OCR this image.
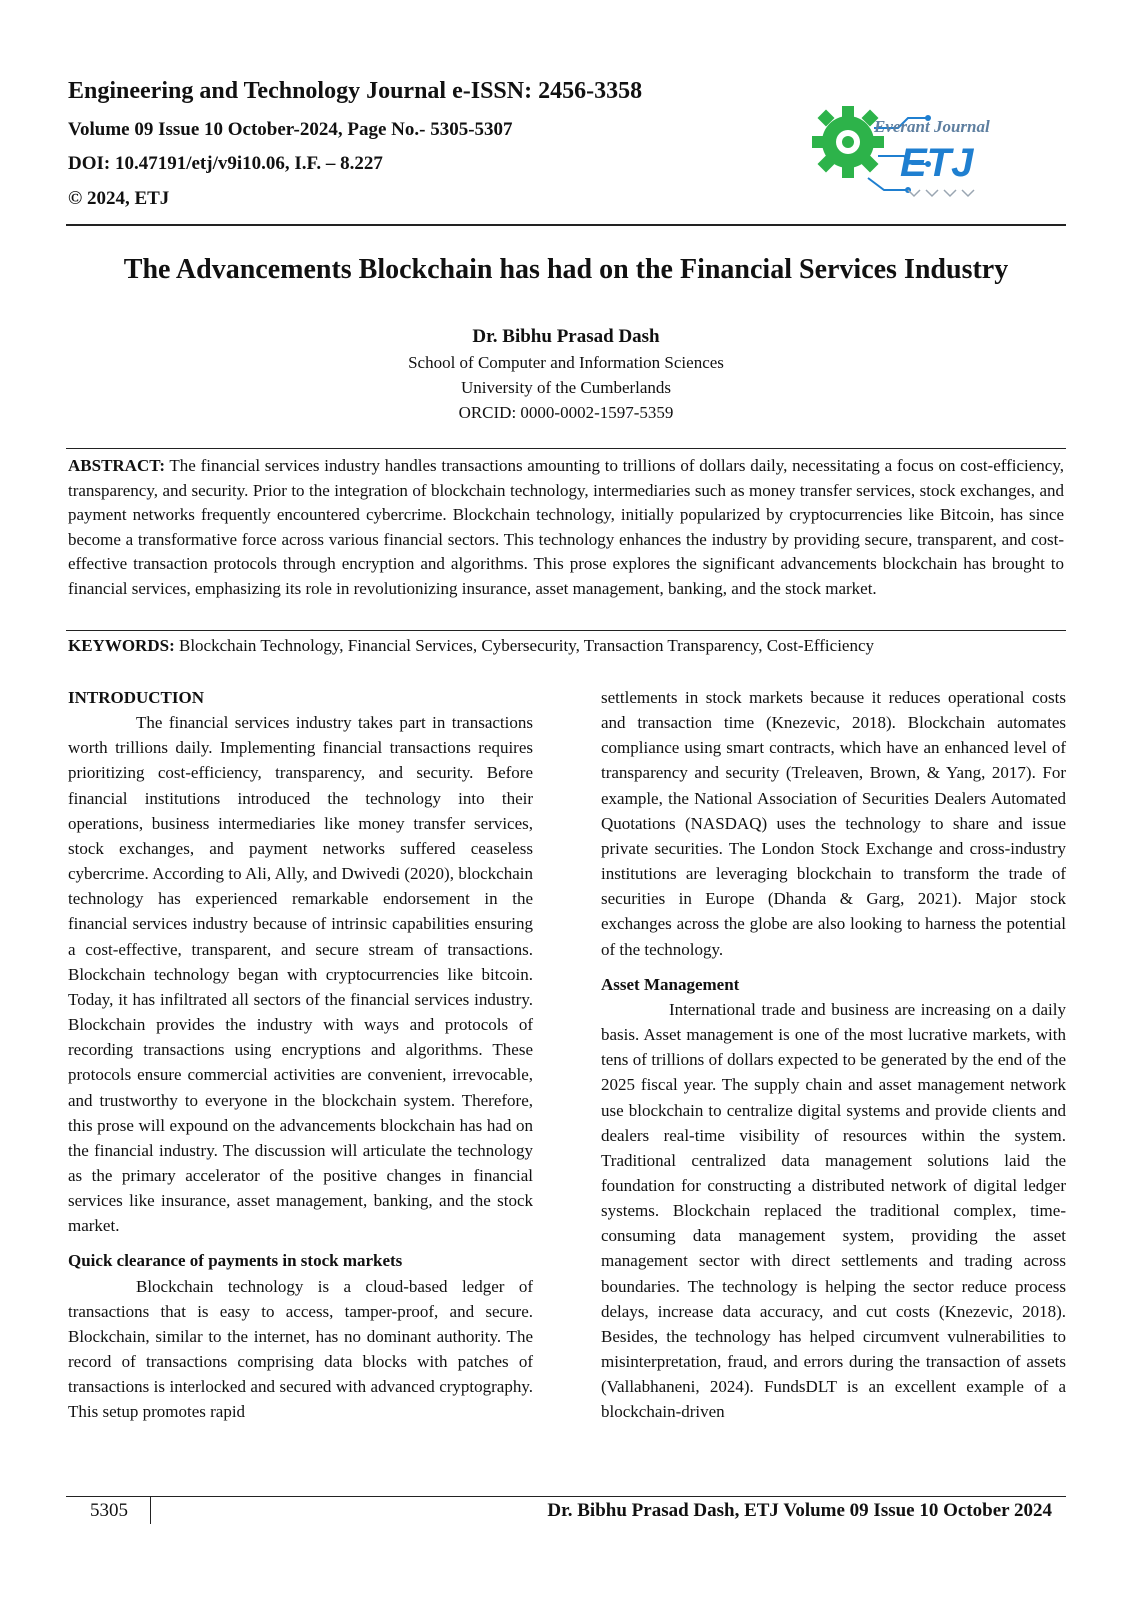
Engineering and Technology Journal e-ISSN: 2456-3358
Volume 09 Issue 10 October-2024, Page No.- 5305-5307
DOI: 10.47191/etj/v9i10.06, I.F. – 8.227
© 2024, ETJ
Everant Journal
ETJ
The Advancements Blockchain has had on the Financial Services Industry
Dr. Bibhu Prasad Dash
School of Computer and Information Sciences
University of the Cumberlands
ORCID: 0000-0002-1597-5359

ABSTRACT: The financial services industry handles transactions amounting to trillions of dollars daily, necessitating a focus on cost-efficiency, transparency, and security. Prior to the integration of blockchain technology, intermediaries such as money transfer services, stock exchanges, and payment networks frequently encountered cybercrime. Blockchain technology, initially popularized by cryptocurrencies like Bitcoin, has since become a transformative force across various financial sectors. This technology enhances the industry by providing secure, transparent, and cost-effective transaction protocols through encryption and algorithms. This prose explores the significant advancements blockchain has brought to financial services, emphasizing its role in revolutionizing insurance, asset management, banking, and the stock market.

KEYWORDS: Blockchain Technology, Financial Services, Cybersecurity, Transaction Transparency, Cost-Efficiency

INTRODUCTION

The financial services industry takes part in transactions worth trillions daily. Implementing financial transactions requires prioritizing cost-efficiency, transparency, and security. Before financial institutions introduced the technology into their operations, business intermediaries like money transfer services, stock exchanges, and payment networks suffered ceaseless cybercrime. According to Ali, Ally, and Dwivedi (2020), blockchain technology has experienced remarkable endorsement in the financial services industry because of intrinsic capabilities ensuring a cost-effective, transparent, and secure stream of transactions. Blockchain technology began with cryptocurrencies like bitcoin. Today, it has infiltrated all sectors of the financial services industry. Blockchain provides the industry with ways and protocols of recording transactions using encryptions and algorithms. These protocols ensure commercial activities are convenient, irrevocable, and trustworthy to everyone in the blockchain system. Therefore, this prose will expound on the advancements blockchain has had on the financial industry. The discussion will articulate the technology as the primary accelerator of the positive changes in financial services like insurance, asset management, banking, and the stock market.

Quick clearance of payments in stock markets

Blockchain technology is a cloud-based ledger of transactions that is easy to access, tamper-proof, and secure. Blockchain, similar to the internet, has no dominant authority. The record of transactions comprising data blocks with patches of transactions is interlocked and secured with advanced cryptography. This setup promotes rapid

settlements in stock markets because it reduces operational costs and transaction time (Knezevic, 2018). Blockchain automates compliance using smart contracts, which have an enhanced level of transparency and security (Treleaven, Brown, & Yang, 2017). For example, the National Association of Securities Dealers Automated Quotations (NASDAQ) uses the technology to share and issue private securities. The London Stock Exchange and cross-industry institutions are leveraging blockchain to transform the trade of securities in Europe (Dhanda & Garg, 2021). Major stock exchanges across the globe are also looking to harness the potential of the technology.

Asset Management

International trade and business are increasing on a daily basis. Asset management is one of the most lucrative markets, with tens of trillions of dollars expected to be generated by the end of the 2025 fiscal year. The supply chain and asset management network use blockchain to centralize digital systems and provide clients and dealers real-time visibility of resources within the system. Traditional centralized data management solutions laid the foundation for constructing a distributed network of digital ledger systems. Blockchain replaced the traditional complex, time-consuming data management system, providing the asset management sector with direct settlements and trading across boundaries. The technology is helping the sector reduce process delays, increase data accuracy, and cut costs (Knezevic, 2018). Besides, the technology has helped circumvent vulnerabilities to misinterpretation, fraud, and errors during the transaction of assets (Vallabhaneni, 2024). FundsDLT is an excellent example of a blockchain-driven

5305	Dr. Bibhu Prasad Dash, ETJ Volume 09 Issue 10 October 2024
